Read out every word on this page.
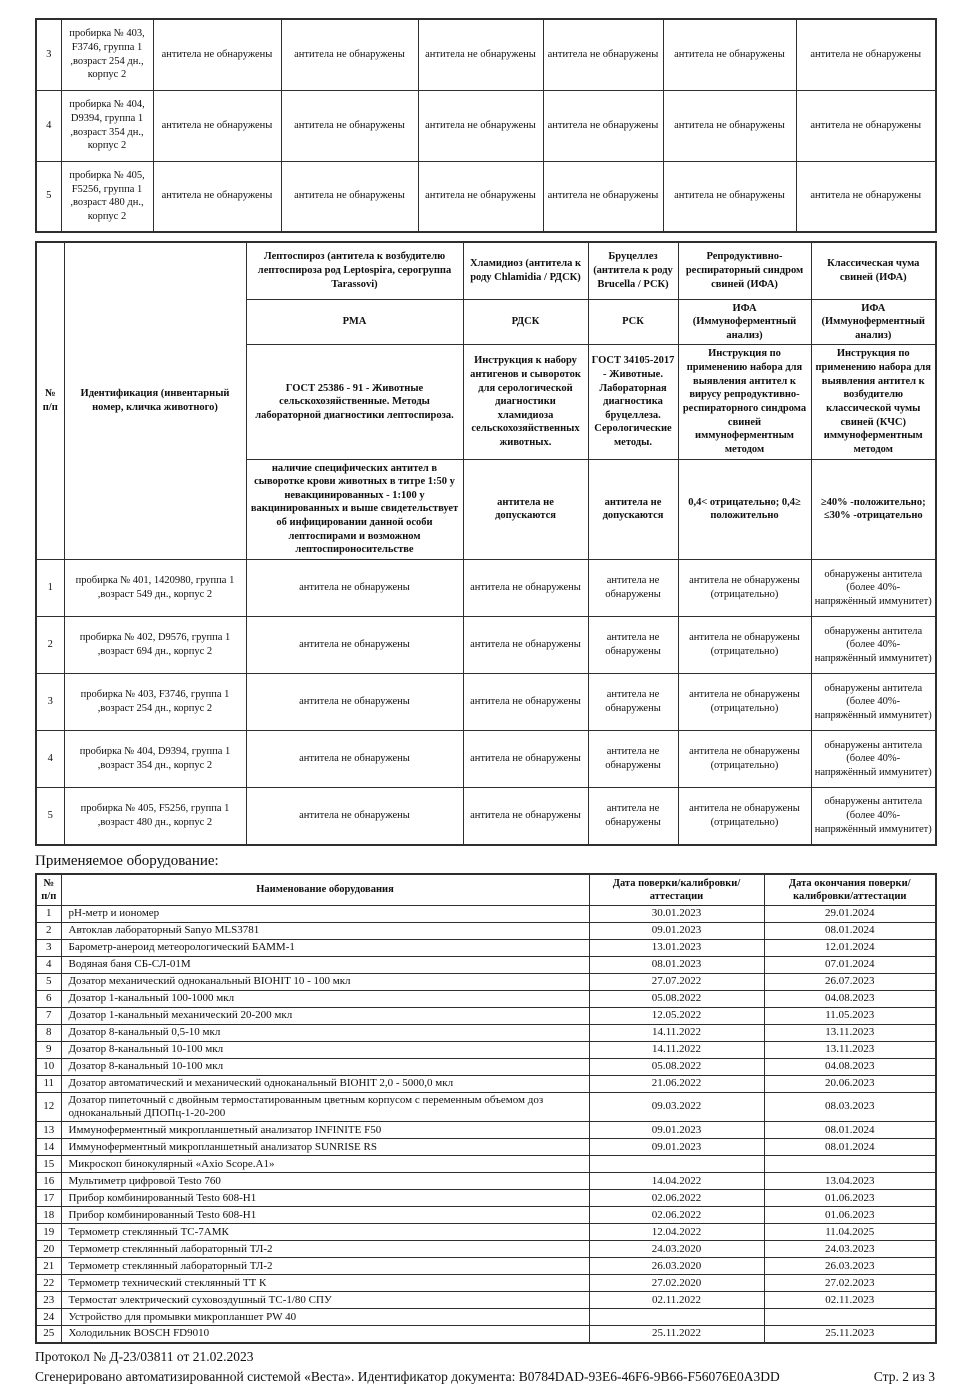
3	пробирка № 403, F3746, группа 1 ,возраст 254 дн., корпус 2	антитела не обнаружены	антитела не обнаружены	антитела не обнаружены	антитела не обнаружены	антитела не обнаружены	антитела не обнаружены
4	пробирка № 404, D9394, группа 1 ,возраст 354 дн., корпус 2	антитела не обнаружены	антитела не обнаружены	антитела не обнаружены	антитела не обнаружены	антитела не обнаружены	антитела не обнаружены
5	пробирка № 405, F5256, группа 1 ,возраст 480 дн., корпус 2	антитела не обнаружены	антитела не обнаружены	антитела не обнаружены	антитела не обнаружены	антитела не обнаружены	антитела не обнаружены
№ п/п	Идентификация (инвентарный номер, кличка животного)	Лептоспироз (антитела к возбудителю лептоспироза род Leptospira, серогруппа Tarassovi)	Хламидиоз (антитела к роду Chlamidia / РДСК)	Бруцеллез (антитела к роду Brucella / РСК)	Репродуктивно-респираторный синдром свиней (ИФА)	Классическая чума свиней (ИФА)
		РМА	РДСК	РСК	ИФА (Иммуноферментный анализ)	ИФА (Иммуноферментный анализ)
		ГОСТ 25386 - 91 - Животные сельскохозяйственные. Методы лабораторной диагностики лептоспироза.	Инструкция к набору антигенов и сывороток для серологической диагностики хламидиоза сельскохозяйственных животных.	ГОСТ 34105-2017 - Животные. Лабораторная диагностика бруцеллеза. Серологические методы.	Инструкция по применению набора для выявления антител к вирусу репродуктивно-респираторного синдрома свиней иммуноферментным методом	Инструкция по применению набора для выявления антител к возбудителю классической чумы свиней (КЧС) иммуноферментным методом
		наличие специфических антител в сыворотке крови животных в титре 1:50 у невакцинированных - 1:100 у вакцинированных и выше свидетельствует об инфицировании данной особи лептоспирами и возможном лептоспироносительстве	антитела не допускаются	антитела не допускаются	0,4< отрицательно; 0,4≥ положительно	≥40% -положительно; ≤30% -отрицательно
1	пробирка № 401, 1420980, группа 1 ,возраст 549 дн., корпус 2	антитела не обнаружены	антитела не обнаружены	антитела не обнаружены	антитела не обнаружены (отрицательно)	обнаружены антитела (более 40%- напряжённый иммунитет)
2	пробирка № 402, D9576, группа 1 ,возраст 694 дн., корпус 2	антитела не обнаружены	антитела не обнаружены	антитела не обнаружены	антитела не обнаружены (отрицательно)	обнаружены антитела (более 40%- напряжённый иммунитет)
3	пробирка № 403, F3746, группа 1 ,возраст 254 дн., корпус 2	антитела не обнаружены	антитела не обнаружены	антитела не обнаружены	антитела не обнаружены (отрицательно)	обнаружены антитела (более 40%- напряжённый иммунитет)
4	пробирка № 404, D9394, группа 1 ,возраст 354 дн., корпус 2	антитела не обнаружены	антитела не обнаружены	антитела не обнаружены	антитела не обнаружены (отрицательно)	обнаружены антитела (более 40%- напряжённый иммунитет)
5	пробирка № 405, F5256, группа 1 ,возраст 480 дн., корпус 2	антитела не обнаружены	антитела не обнаружены	антитела не обнаружены	антитела не обнаружены (отрицательно)	обнаружены антитела (более 40%- напряжённый иммунитет)
Применяемое оборудование:
№ п/п	Наименование оборудования	Дата поверки/калибровки/аттестации	Дата окончания поверки/калибровки/аттестации
1	pH-метр и иономер	30.01.2023	29.01.2024
2	Автоклав лабораторный Sanyo MLS3781	09.01.2023	08.01.2024
3	Барометр-анероид метеорологический БАММ-1	13.01.2023	12.01.2024
4	Водяная баня СБ-СЛ-01М	08.01.2023	07.01.2024
5	Дозатор механический одноканальный BIOHIT 10 - 100 мкл	27.07.2022	26.07.2023
6	Дозатор 1-канальный 100-1000 мкл	05.08.2022	04.08.2023
7	Дозатор 1-канальный механический 20-200 мкл	12.05.2022	11.05.2023
8	Дозатор 8-канальный 0,5-10 мкл	14.11.2022	13.11.2023
9	Дозатор 8-канальный 10-100 мкл	14.11.2022	13.11.2023
10	Дозатор 8-канальный 10-100 мкл	05.08.2022	04.08.2023
11	Дозатор автоматический и механический одноканальный BIOHIT 2,0 - 5000,0 мкл	21.06.2022	20.06.2023
12	Дозатор пипеточный с двойным термостатированным цветным корпусом с переменным объемом доз одноканальный ДПОПц-1-20-200	09.03.2022	08.03.2023
13	Иммуноферментный микропланшетный анализатор INFINITE F50	09.01.2023	08.01.2024
14	Иммуноферментный микропланшетный анализатор SUNRISE RS	09.01.2023	08.01.2024
15	Микроскоп бинокулярный «Axio Scope.A1»		
16	Мультиметр цифровой Testo 760	14.04.2022	13.04.2023
17	Прибор комбинированный Testo 608-H1	02.06.2022	01.06.2023
18	Прибор комбинированный Testo 608-H1	02.06.2022	01.06.2023
19	Термометр стеклянный ТС-7АМК	12.04.2022	11.04.2025
20	Термометр стеклянный лабораторный ТЛ-2	24.03.2020	24.03.2023
21	Термометр стеклянный лабораторный ТЛ-2	26.03.2020	26.03.2023
22	Термометр технический стеклянный ТТ К	27.02.2020	27.02.2023
23	Термостат электрический суховоздушный ТС-1/80 СПУ	02.11.2022	02.11.2023
24	Устройство для промывки микропланшет PW 40		
25	Холодильник BOSCH FD9010	25.11.2022	25.11.2023
Протокол № Д-23/03811 от 21.02.2023
Сгенерировано автоматизированной системой «Веста». Идентификатор документа: B0784DAD-93E6-46F6-9B66-F56076E0A3DD	Стр. 2 из 3
